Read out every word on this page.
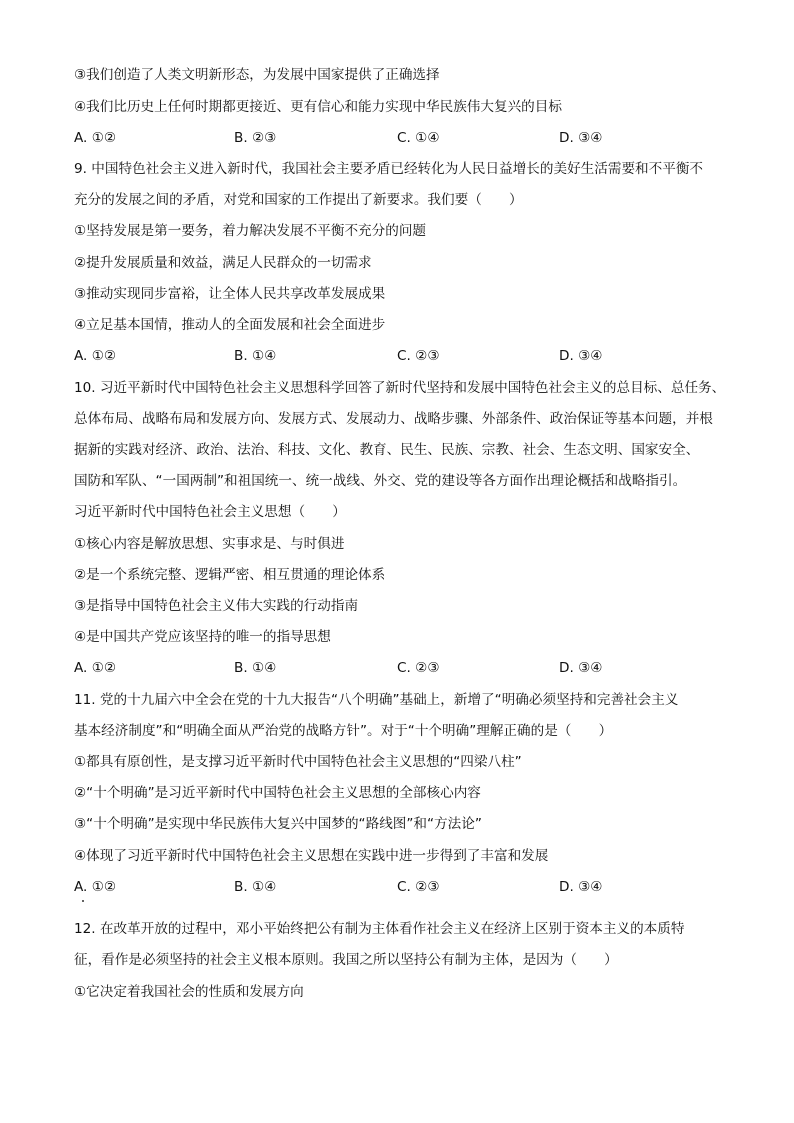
③我们创造了人类文明新形态，为发展中国家提供了正确选择
④我们比历史上任何时期都更接近、更有信心和能力实现中华民族伟大复兴的目标
A. ①②	B. ②③	C. ①④	D. ③④
9. 中国特色社会主义进入新时代，我国社会主要矛盾已经转化为人民日益增长的美好生活需要和不平衡不
充分的发展之间的矛盾，对党和国家的工作提出了新要求。我们要（　　）
①坚持发展是第一要务，着力解决发展不平衡不充分的问题
②提升发展质量和效益，满足人民群众的一切需求
③推动实现同步富裕，让全体人民共享改革发展成果
④立足基本国情，推动人的全面发展和社会全面进步
A. ①②	B. ①④	C. ②③	D. ③④
10. 习近平新时代中国特色社会主义思想科学回答了新时代坚持和发展中国特色社会主义的总目标、总任务、
总体布局、战略布局和发展方向、发展方式、发展动力、战略步骤、外部条件、政治保证等基本问题，并根
据新的实践对经济、政治、法治、科技、文化、教育、民生、民族、宗教、社会、生态文明、国家安全、
国防和军队、“一国两制”和祖国统一、统一战线、外交、党的建设等各方面作出理论概括和战略指引。
习近平新时代中国特色社会主义思想（　　）
①核心内容是解放思想、实事求是、与时俱进
②是一个系统完整、逻辑严密、相互贯通的理论体系
③是指导中国特色社会主义伟大实践的行动指南
④是中国共产党应该坚持的唯一的指导思想
A. ①②	B. ①④	C. ②③	D. ③④
11. 党的十九届六中全会在党的十九大报告“八个明确”基础上，新增了“明确必须坚持和完善社会主义
基本经济制度”和“明确全面从严治党的战略方针”。对于“十个明确”理解正确的是（　　）
①都具有原创性，是支撑习近平新时代中国特色社会主义思想的“四梁八柱”
②“十个明确”是习近平新时代中国特色社会主义思想的全部核心内容
③“十个明确”是实现中华民族伟大复兴中国梦的“路线图”和“方法论”
④体现了习近平新时代中国特色社会主义思想在实践中进一步得到了丰富和发展
A. ①②	B. ①④	C. ②③	D. ③④
12. 在改革开放的过程中，邓小平始终把公有制为主体看作社会主义在经济上区别于资本主义的本质特
征，看作是必须坚持的社会主义根本原则。我国之所以坚持公有制为主体，是因为（　　）
①它决定着我国社会的性质和发展方向
